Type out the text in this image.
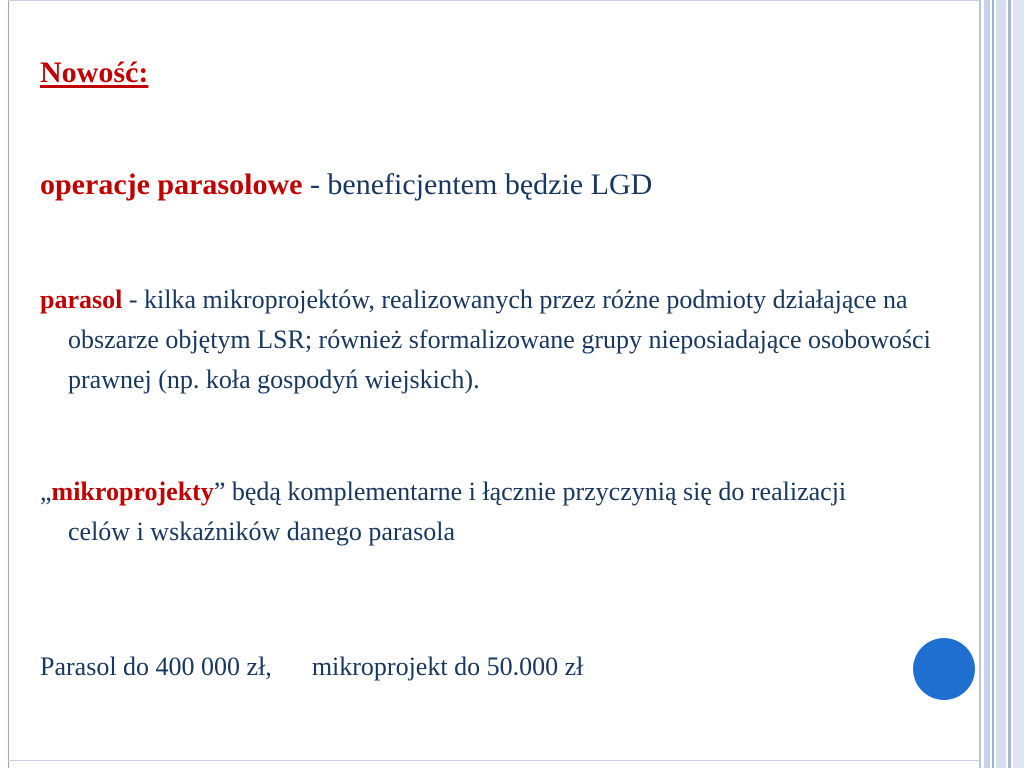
Nowość:
operacje parasolowe - beneficjentem będzie LGD
parasol - kilka mikroprojektów, realizowanych przez różne podmioty działające na obszarze objętym LSR; również sformalizowane grupy nieposiadające osobowości prawnej (np. koła gospodyń wiejskich).
„mikroprojekty” będą komplementarne i łącznie przyczynią się do realizacji celów i wskaźników danego parasola
Parasol do 400 000 zł, mikroprojekt do 50.000 zł
